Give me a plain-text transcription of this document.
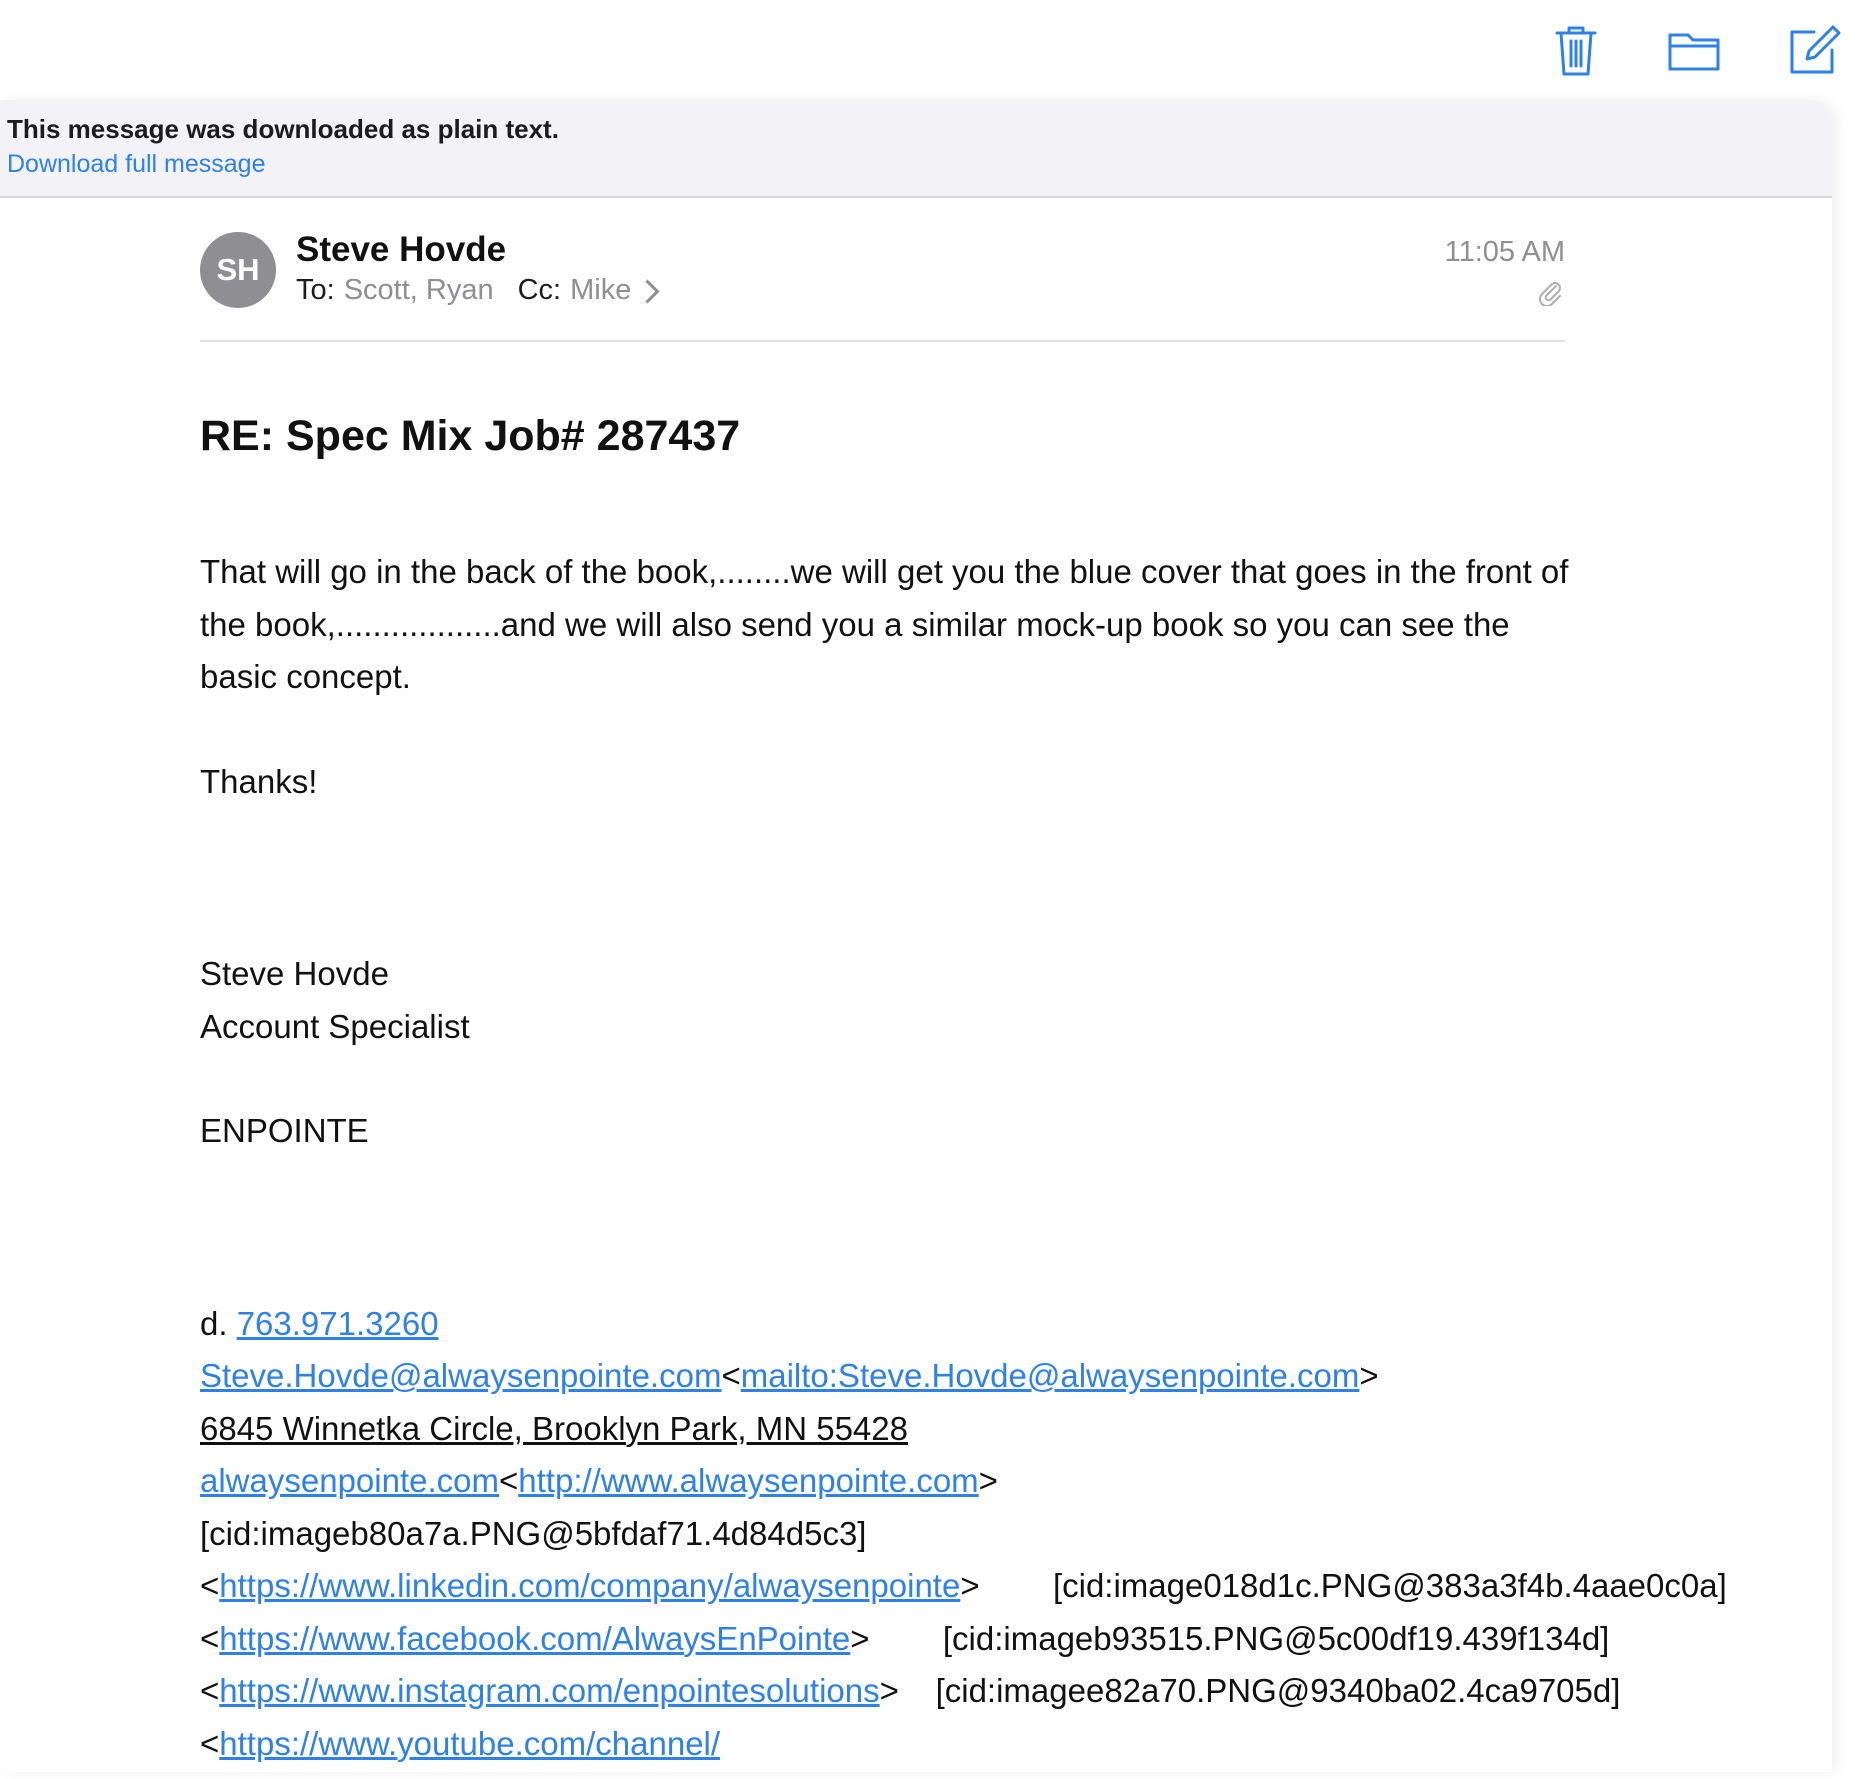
This message was downloaded as plain text.
Download full message
SH
Steve Hovde
To: Scott, Ryan Cc: Mike
11:05 AM
RE: Spec Mix Job# 287437

That will go in the back of the book,........we will get you the blue cover that goes in the front of the book,..................and we will also send you a similar mock-up book so you can see the basic concept.

Thanks!

Steve Hovde

Account Specialist

ENPOINTE

d. 763.971.3260

Steve.Hovde@alwaysenpointe.com<mailto:Steve.Hovde@alwaysenpointe.com>

6845 Winnetka Circle, Brooklyn Park, MN 55428

alwaysenpointe.com<http://www.alwaysenpointe.com>

[cid:imageb80a7a.PNG@5bfdaf71.4d84d5c3]<https://www.linkedin.com/company/alwaysenpointe>        [cid:image018d1c.PNG@383a3f4b.4aae0c0a] <https://www.facebook.com/AlwaysEnPointe>        [cid:imageb93515.PNG@5c00df19.439f134d] <https://www.instagram.com/enpointesolutions>    [cid:imagee82a70.PNG@9340ba02.4ca9705d] <https://www.youtube.com/channel/
